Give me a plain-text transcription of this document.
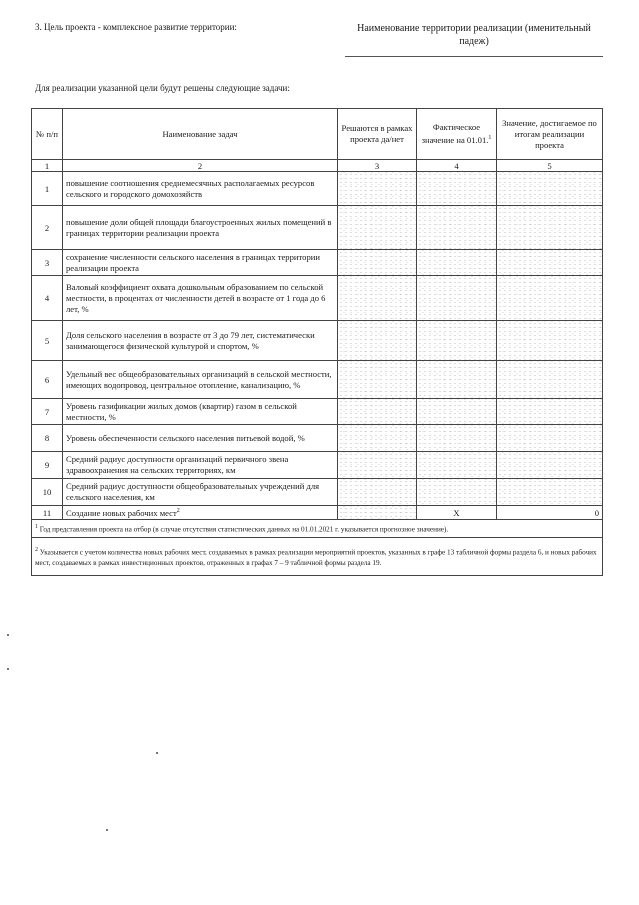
3. Цель проекта - комплексное развитие территории:	Наименование территории реализации (именительный падеж)
Для реализации указанной цели будут решены следующие задачи:
№ п/п	Наименование задач	Решаются в рамках проекта да/нет	Фактическое значение на 01.01.$^1$	Значение, достигаемое по итогам реализации проекта
1	2	3	4	5
1	повышение соотношения среднемесячных располагаемых ресурсов сельского и городского домохозяйств			
2	повышение доли общей площади благоустроенных жилых помещений в границах территории реализации проекта			
3	сохранение численности сельского населения в границах территории реализации проекта			
4	Валовый коэффициент охвата дошкольным образованием по сельской местности, в процентах от численности детей в возрасте от 1 года до 6 лет, %			
5	Доля сельского населения в возрасте от 3 до 79 лет, систематически занимающегося физической культурой и спортом, %			
6	Удельный вес общеобразовательных организаций в сельской местности, имеющих водопровод, центральное отопление, канализацию, %			
7	Уровень газификации жилых домов (квартир) газом в сельской местности, %			
8	Уровень обеспеченности сельского населения питьевой водой, %			
9	Средний радиус доступности организаций первичного звена здравоохранения на сельских территориях, км			
10	Средний радиус доступности общеобразовательных учреждений для сельского населения, км			
11	Создание новых рабочих мест$^2$		X	0
$^1$ Год представления проекта на отбор (в случае отсутствия статистических данных на 01.01.2021 г. указывается прогнозное значение).				
$^2$ Указывается с учетом количества новых рабочих мест, создаваемых в рамках реализации мероприятий проектов, указанных в графе 13 табличной формы раздела 6, и новых рабочих мест, создаваемых в рамках инвестиционных проектов, отраженных в графах 7 – 9 табличной формы раздела 19.				
